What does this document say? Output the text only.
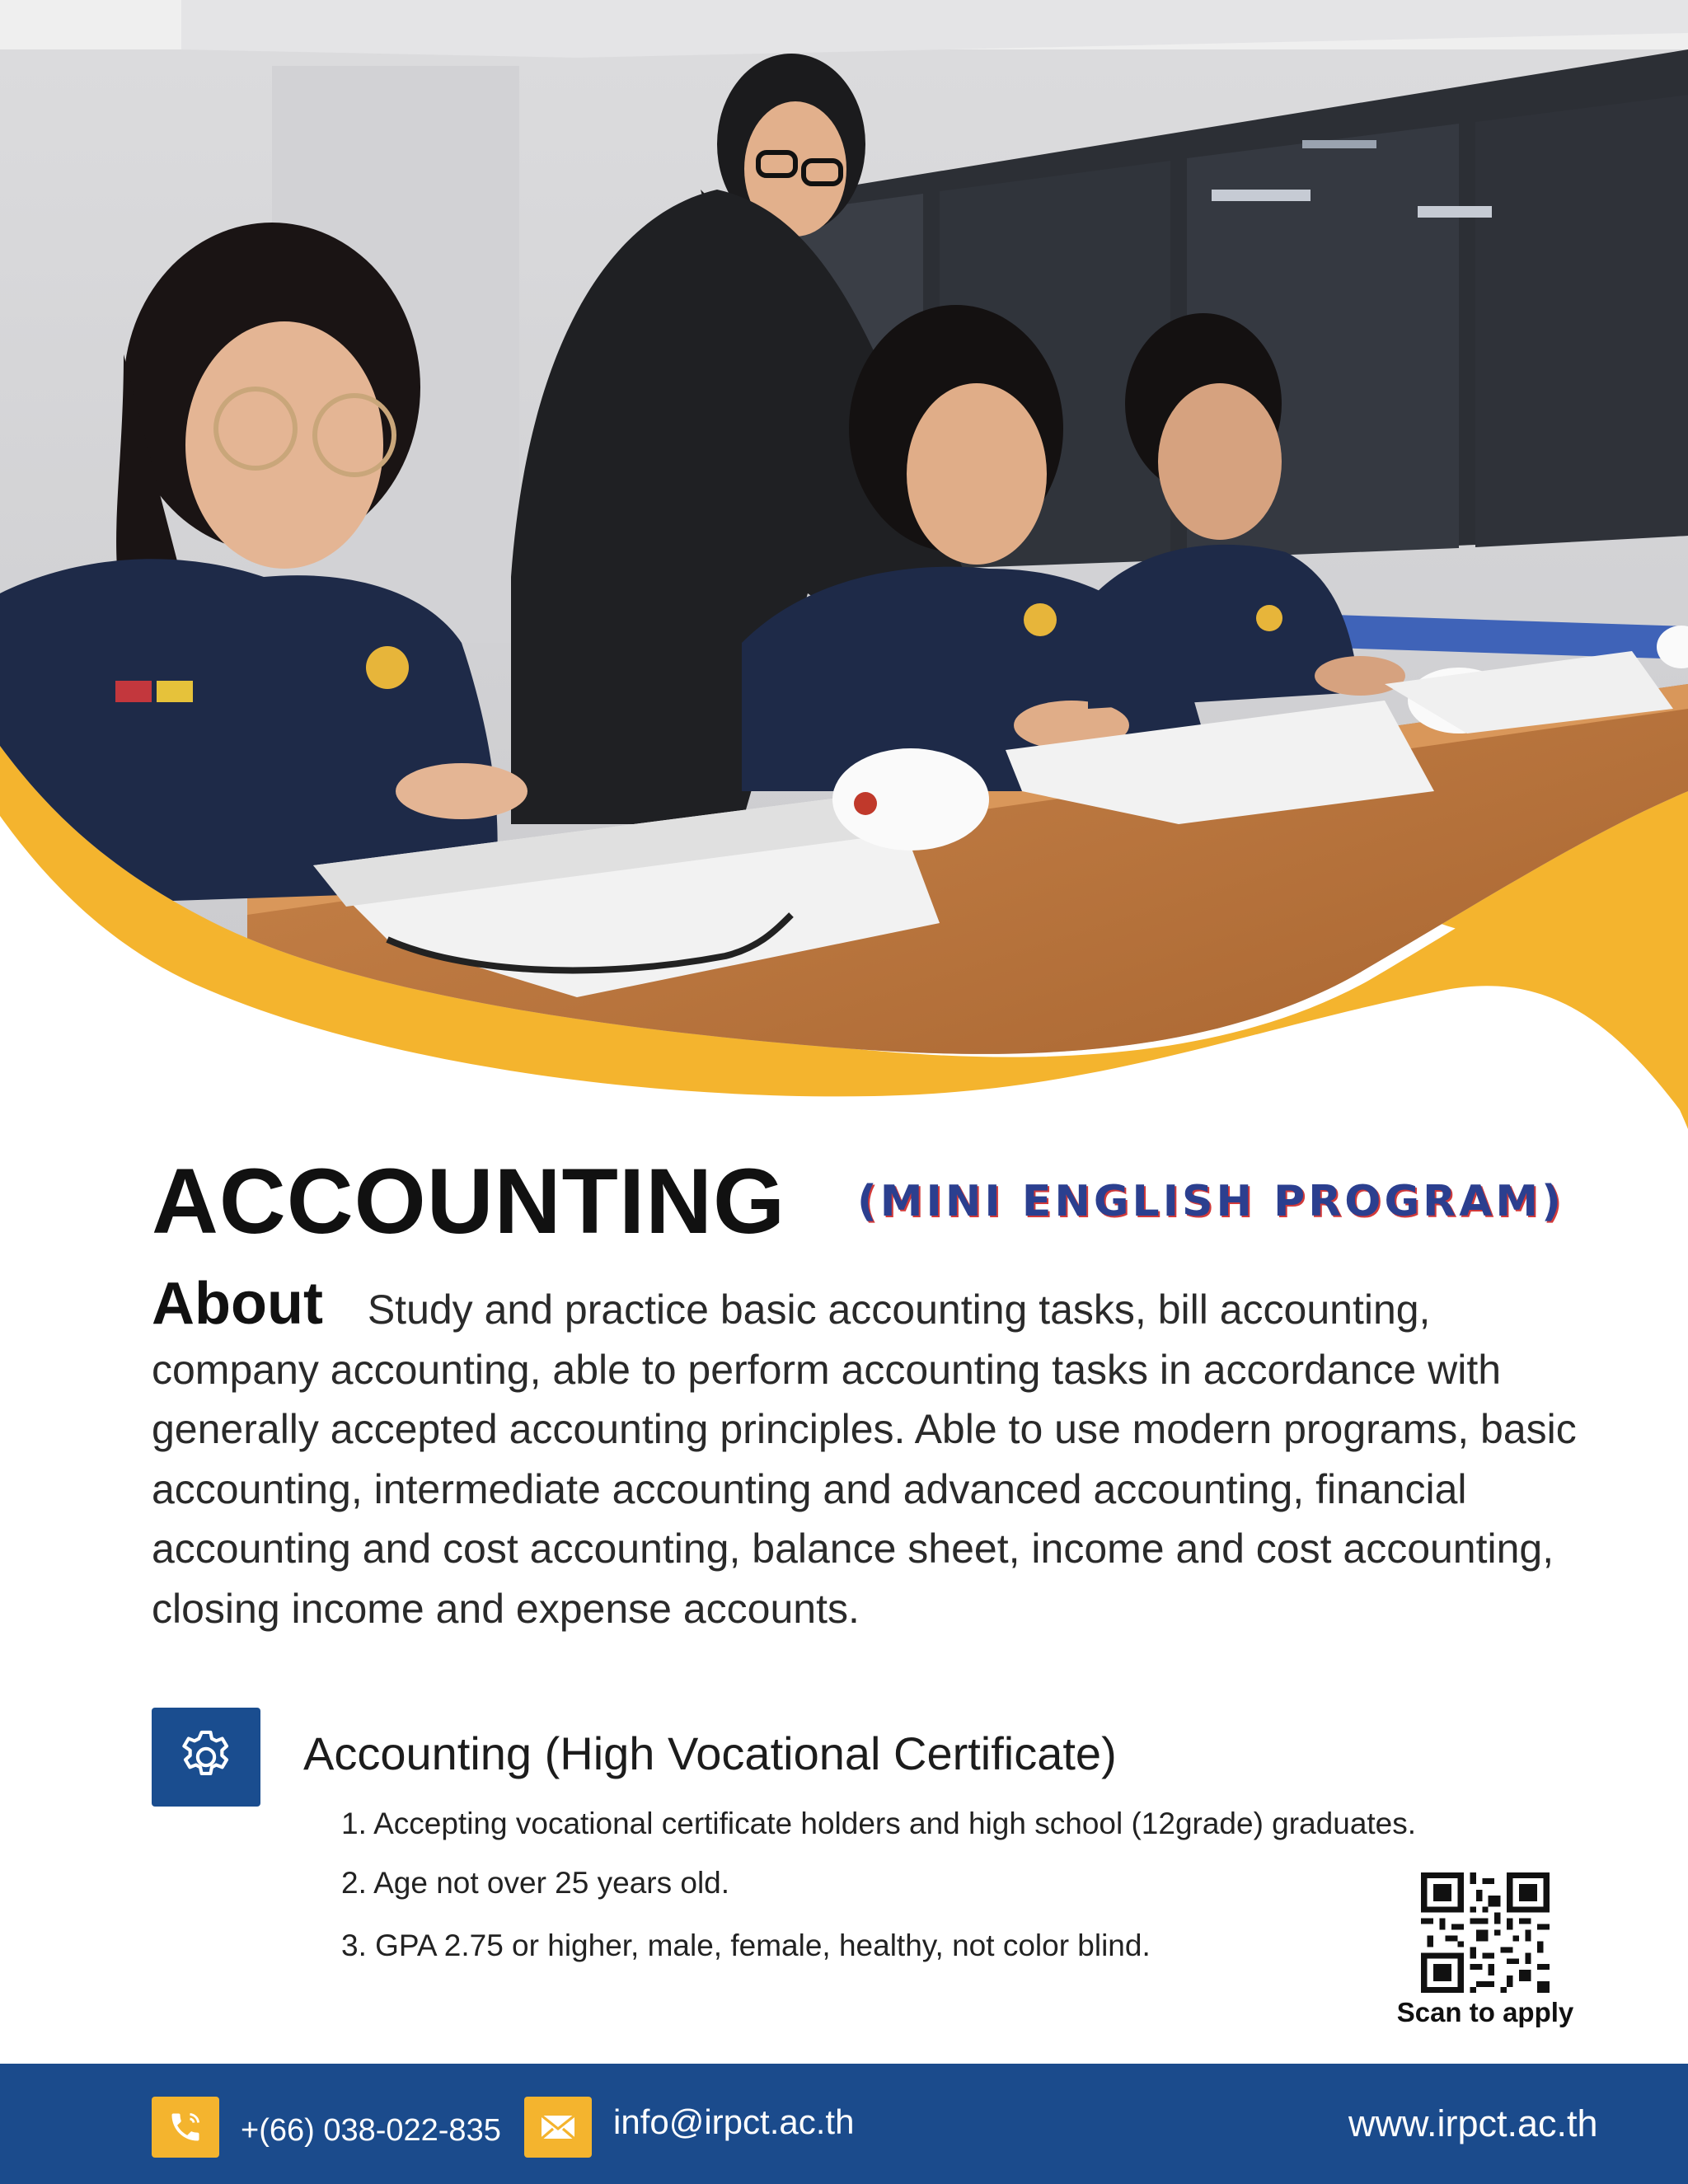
ACCOUNTING (MINI ENGLISH PROGRAM)
About Study and practice basic accounting tasks, bill accounting, company accounting, able to perform accounting tasks in accordance with generally accepted accounting principles. Able to use modern programs, basic accounting, intermediate accounting and advanced accounting, financial accounting and cost accounting, balance sheet, income and cost accounting, closing income and expense accounts.
Accounting (High Vocational Certificate)
1. Accepting vocational certificate holders and high school (12grade) graduates.
2. Age not over 25 years old.
3. GPA 2.75 or higher, male, female, healthy, not color blind.
Scan to apply
+(66) 038-022-835	info@irpct.ac.th	www.irpct.ac.th
